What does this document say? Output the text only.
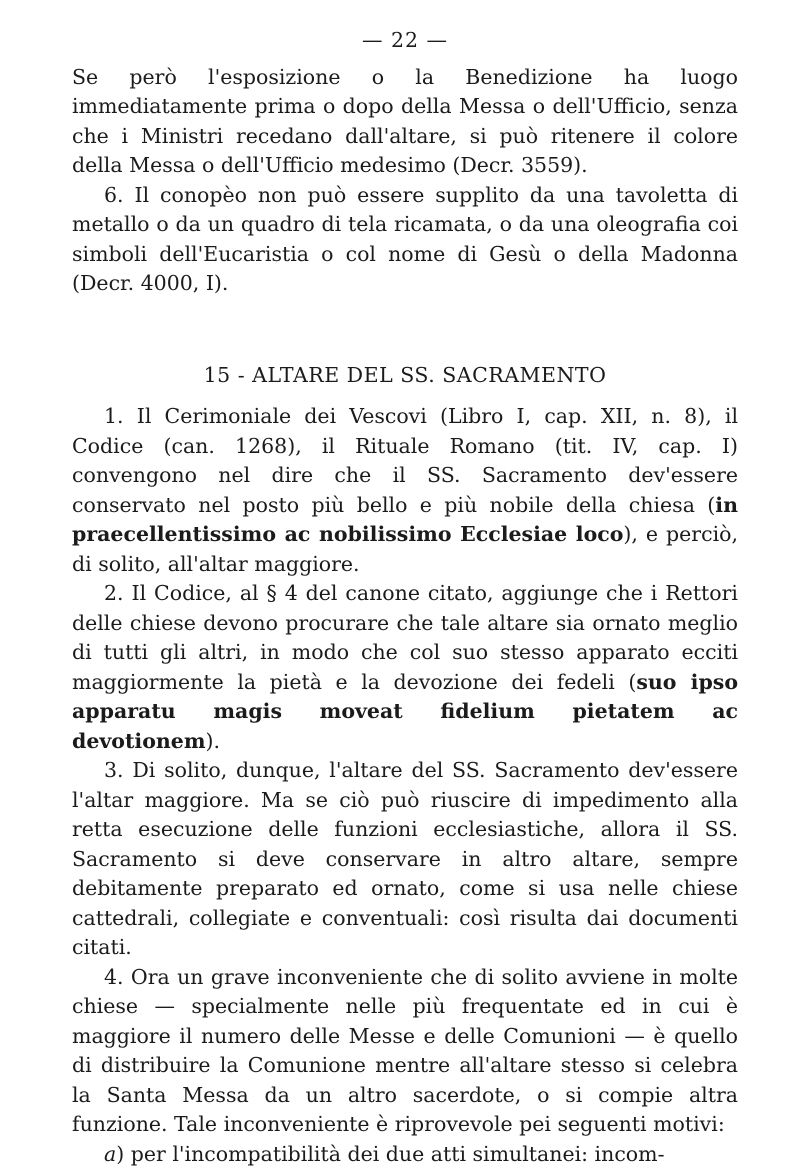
— 22 —

Se però l'esposizione o la Benedizione ha luogo immediatamente prima o dopo della Messa o dell'Ufficio, senza che i Ministri recedano dall'altare, si può ritenere il colore della Messa o dell'Ufficio medesimo (Decr. 3559).

6. Il conopèo non può essere supplito da una tavoletta di metallo o da un quadro di tela ricamata, o da una oleografia coi simboli dell'Eucaristia o col nome di Gesù o della Madonna (Decr. 4000, I).

15 - ALTARE DEL SS. SACRAMENTO

1. Il Cerimoniale dei Vescovi (Libro I, cap. XII, n. 8), il Codice (can. 1268), il Rituale Romano (tit. IV, cap. I) convengono nel dire che il SS. Sacramento dev'essere conservato nel posto più bello e più nobile della chiesa (in praecellentissimo ac nobilissimo Ecclesiae loco), e perciò, di solito, all'altar maggiore.

2. Il Codice, al § 4 del canone citato, aggiunge che i Rettori delle chiese devono procurare che tale altare sia ornato meglio di tutti gli altri, in modo che col suo stesso apparato ecciti maggiormente la pietà e la devozione dei fedeli (suo ipso apparatu magis moveat fidelium pietatem ac devotionem).

3. Di solito, dunque, l'altare del SS. Sacramento dev'essere l'altar maggiore. Ma se ciò può riuscire di impedimento alla retta esecuzione delle funzioni ecclesiastiche, allora il SS. Sacramento si deve conservare in altro altare, sempre debitamente preparato ed ornato, come si usa nelle chiese cattedrali, collegiate e conventuali: così risulta dai documenti citati.

4. Ora un grave inconveniente che di solito avviene in molte chiese — specialmente nelle più frequentate ed in cui è maggiore il numero delle Messe e delle Comunioni — è quello di distribuire la Comunione mentre all'altare stesso si celebra la Santa Messa da un altro sacerdote, o si compie altra funzione. Tale inconveniente è riprovevole pei seguenti motivi:

a) per l'incompatibilità dei due atti simultanei: incom-
